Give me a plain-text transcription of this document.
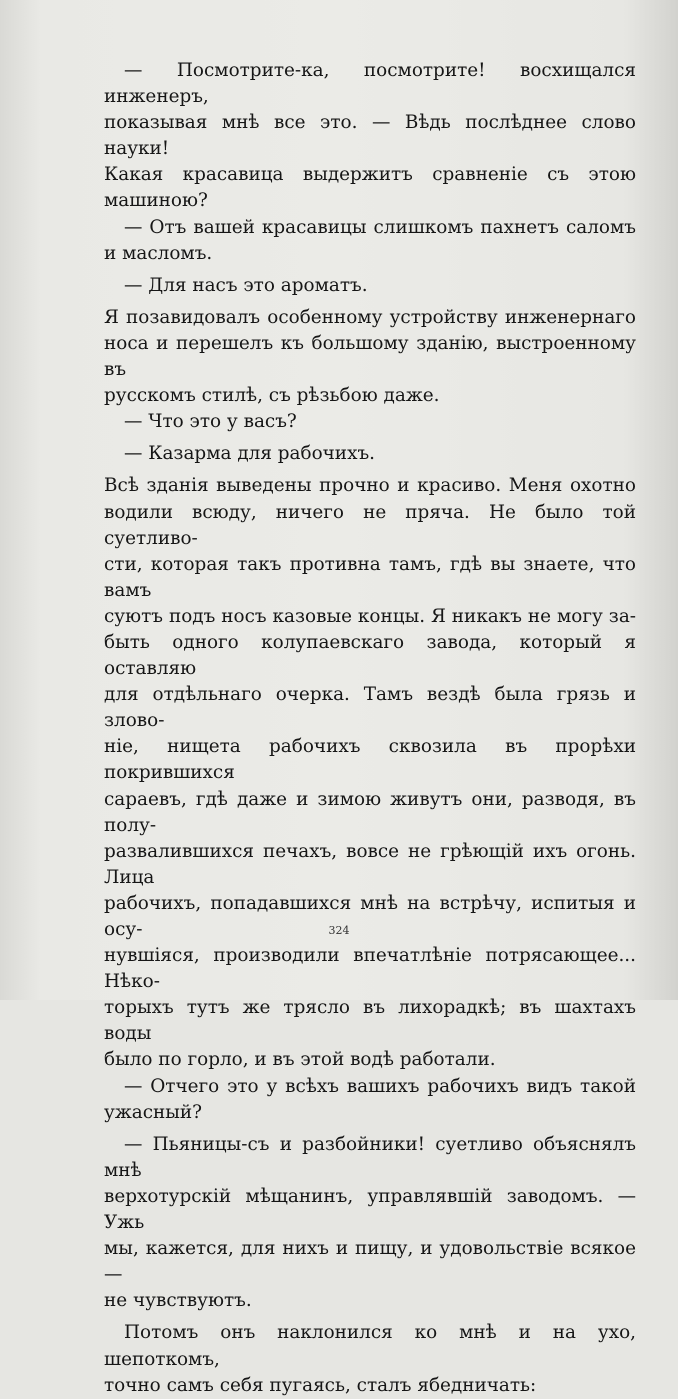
— Посмотрите-ка, посмотрите! восхищался инженеръ,

показывая мнѣ все это. — Вѣдь послѣднее слово науки!

Какая красавица выдержитъ сравненіе съ этою машиною?

— Отъ вашей красавицы слишкомъ пахнетъ саломъ

и масломъ.

— Для насъ это ароматъ.

Я позавидовалъ особенному устройству инженернаго

носа и перешелъ къ большому зданію, выстроенному въ

русскомъ стилѣ, съ рѣзьбою даже.

— Что это у васъ?

— Казарма для рабочихъ.

Всѣ зданія выведены прочно и красиво. Меня охотно

водили всюду, ничего не пряча. Не было той суетливо-

сти, которая такъ противна тамъ, гдѣ вы знаете, что вамъ

суютъ подъ носъ казовые концы. Я никакъ не могу за-

быть одного колупаевскаго завода, который я оставляю

для отдѣльнаго очерка. Тамъ вездѣ была грязь и злово-

ніе, нищета рабочихъ сквозила въ прорѣхи покрившихся

сараевъ, гдѣ даже и зимою живутъ они, разводя, въ полу-

развалившихся печахъ, вовсе не грѣющій ихъ огонь. Лица

рабочихъ, попадавшихся мнѣ на встрѣчу, испитыя и осу-

нувшіяся, производили впечатлѣніе потрясающее... Нѣко-

торыхъ тутъ же трясло въ лихорадкѣ; въ шахтахъ воды

было по горло, и въ этой водѣ работали.

— Отчего это у всѣхъ вашихъ рабочихъ видъ такой

ужасный?

— Пьяницы-съ и разбойники! суетливо объяснялъ мнѣ

верхотурскій мѣщанинъ, управлявшій заводомъ. — Ужь

мы, кажется, для нихъ и пищу, и удовольствіе всякое —

не чувствуютъ.

Потомъ онъ наклонился ко мнѣ и на ухо, шепоткомъ,

точно самъ себя пугаясь, сталъ ябедничать:

324
